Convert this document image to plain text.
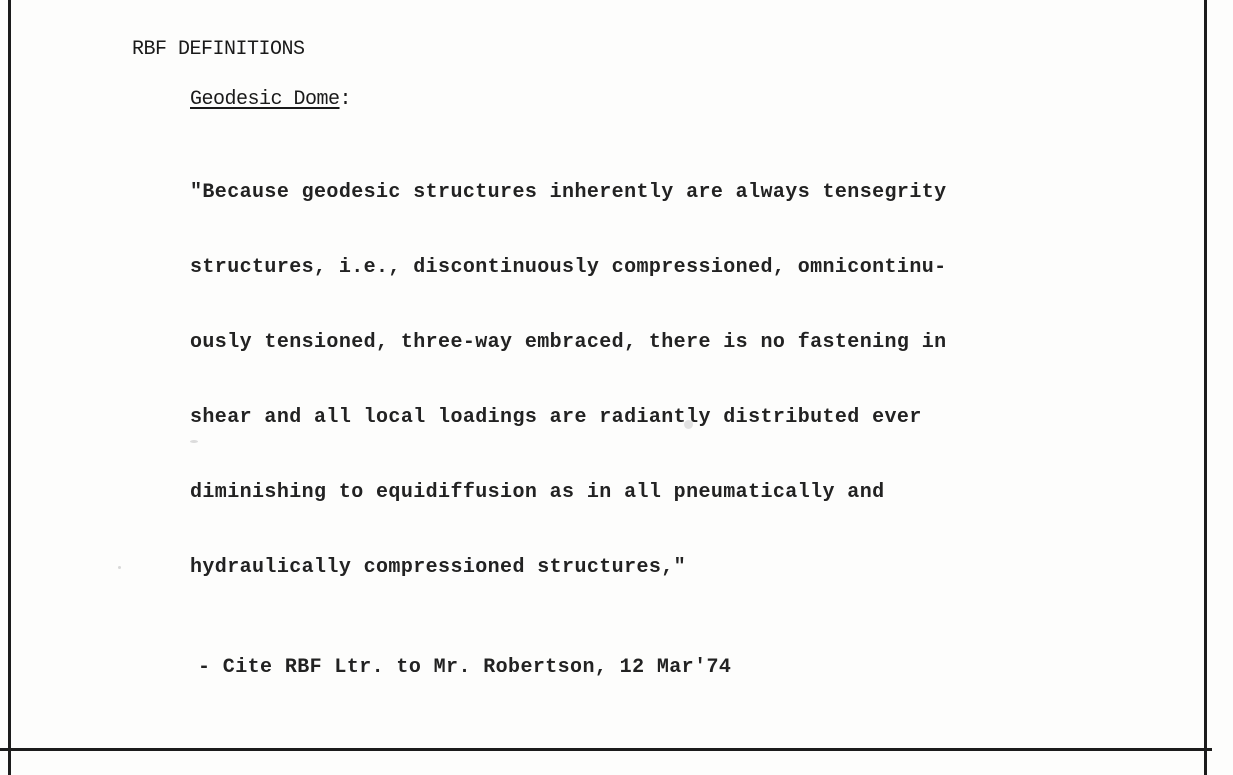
RBF DEFINITIONS

Geodesic Dome:

"Because geodesic structures inherently are always tensegrity

structures, i.e., discontinuously compressioned, omnicontinu-

ously tensioned, three-way embraced, there is no fastening in

shear and all local loadings are radiantly distributed ever

diminishing to equidiffusion as in all pneumatically and

hydraulically compressioned structures,"

- Cite RBF Ltr. to Mr. Robertson, 12 Mar'74
